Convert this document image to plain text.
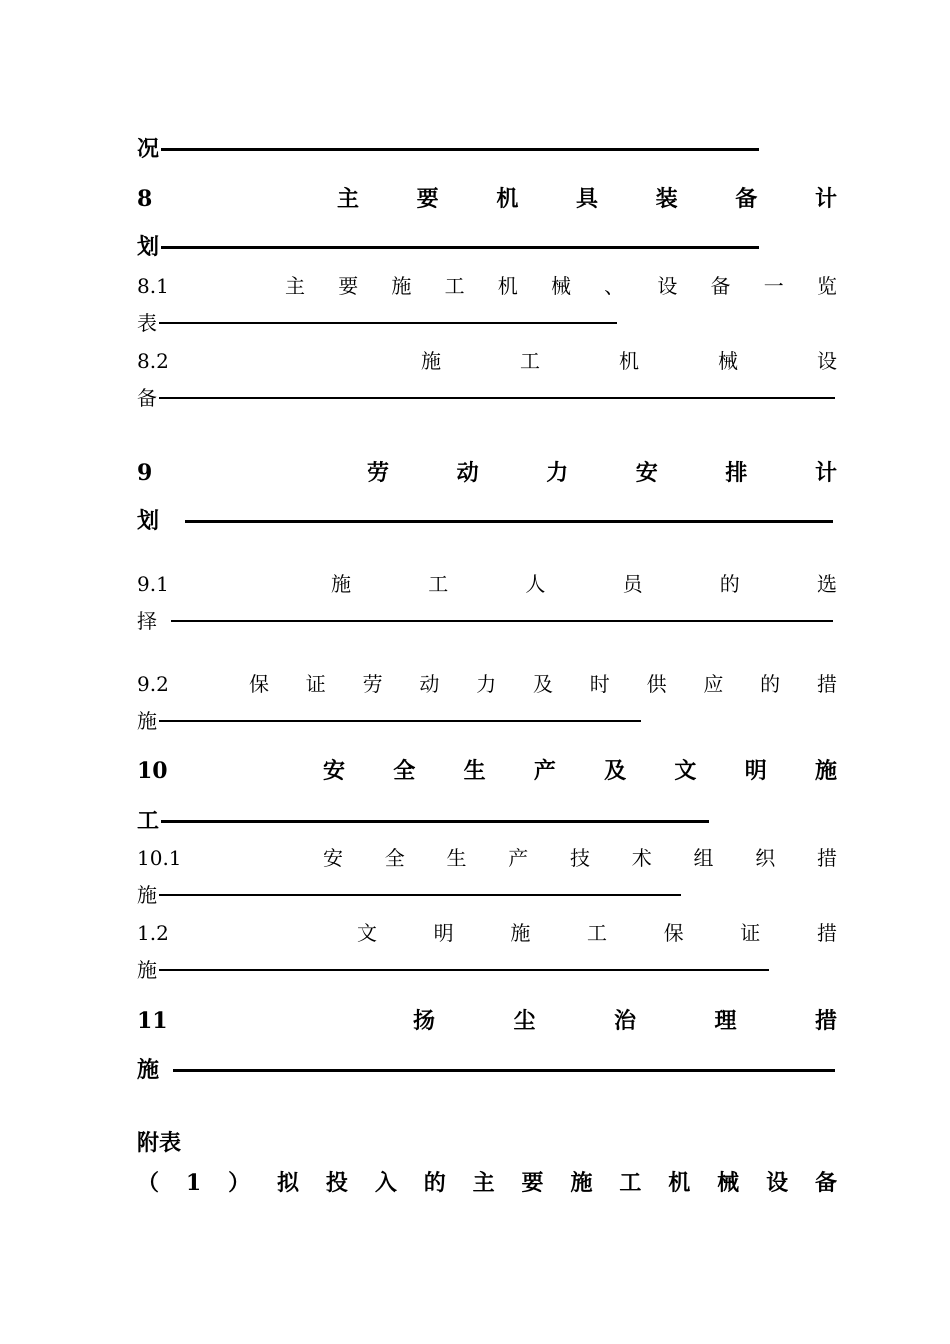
况
8	主	要	机	具	装	备	计
划
8.1	主 要 施 工 机 械 、 设 备 一 览
表
8.2	施	工	机	械	设
备
9	劳	动	力	安	排	计
划
9.1	施	工	人	员	的	选
择
9.2	保 证 劳 动 力 及 时 供 应 的 措
施
10	安 全 生 产 及 文 明 施
工
10.1	安 全 生 产 技 术 组 织 措
施
1.2	文	明	施	工	保	证	措
施
11	扬	尘	治	理	措
施
附表
（ 1 ） 拟 投 入 的 主 要 施 工 机 械 设 备
